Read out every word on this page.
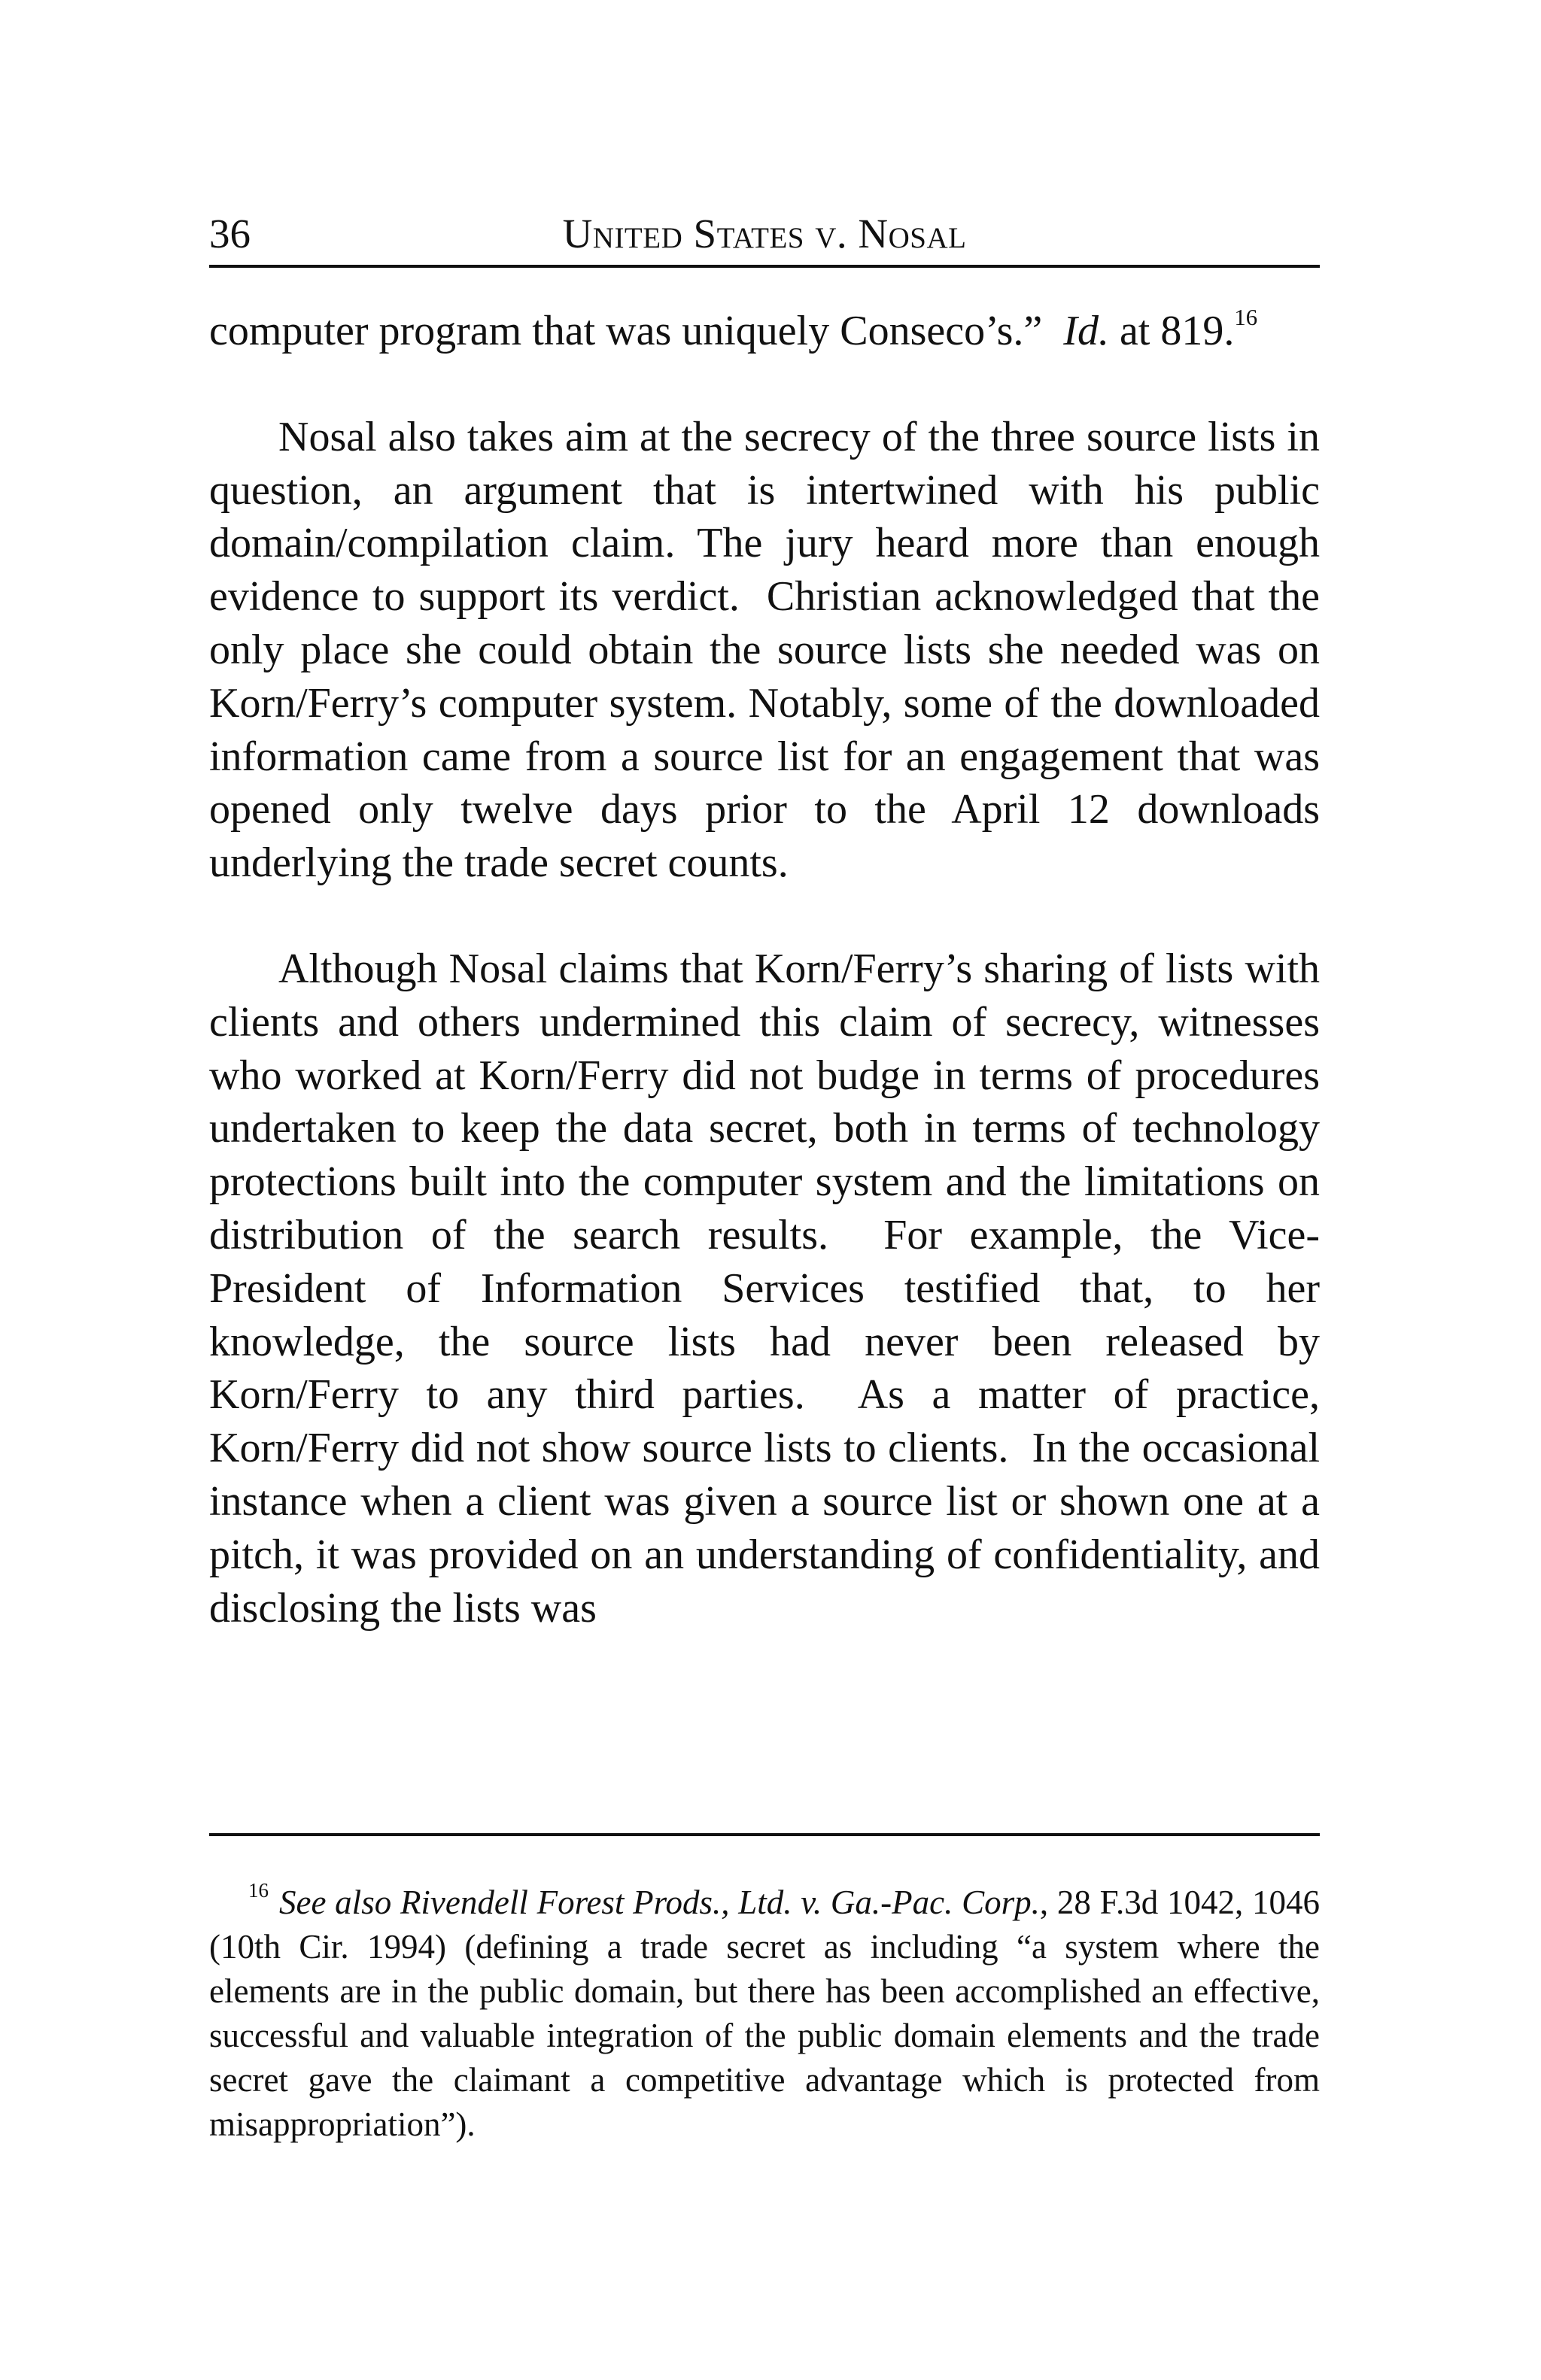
36	United States v. Nosal

computer program that was uniquely Conseco’s.”  Id. at 819.16

Nosal also takes aim at the secrecy of the three source lists in question, an argument that is intertwined with his public domain/compilation claim. The jury heard more than enough evidence to support its verdict.  Christian acknowledged that the only place she could obtain the source lists she needed was on Korn/Ferry’s computer system. Notably, some of the downloaded information came from a source list for an engagement that was opened only twelve days prior to the April 12 downloads underlying the trade secret counts.

Although Nosal claims that Korn/Ferry’s sharing of lists with clients and others undermined this claim of secrecy, witnesses who worked at Korn/Ferry did not budge in terms of procedures undertaken to keep the data secret, both in terms of technology protections built into the computer system and the limitations on distribution of the search results.  For example, the Vice-President of Information Services testified that, to her knowledge, the source lists had never been released by Korn/Ferry to any third parties.  As a matter of practice, Korn/Ferry did not show source lists to clients.  In the occasional instance when a client was given a source list or shown one at a pitch, it was provided on an understanding of confidentiality, and disclosing the lists was

$^{16}$ See also Rivendell Forest Prods., Ltd. v. Ga.-Pac. Corp., 28 F.3d 1042, 1046 (10th Cir. 1994) (defining a trade secret as including “a system where the elements are in the public domain, but there has been accomplished an effective, successful and valuable integration of the public domain elements and the trade secret gave the claimant a competitive advantage which is protected from misappropriation”).
